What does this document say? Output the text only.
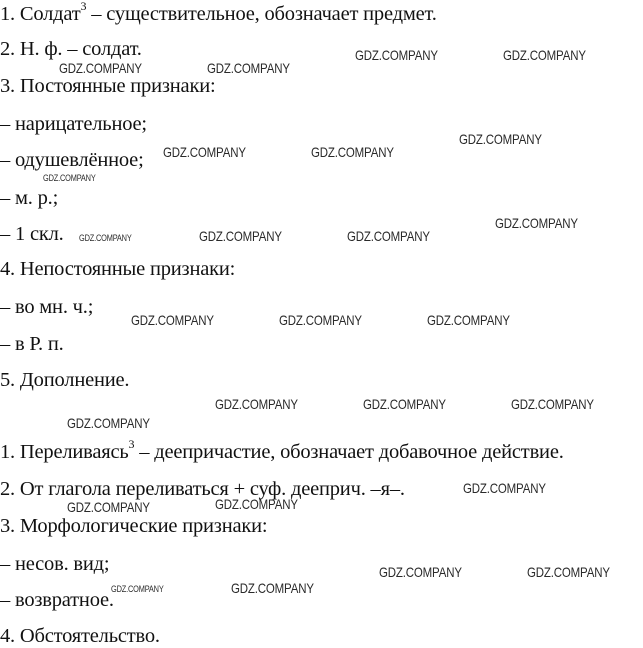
1. Солдат$^3$ – существительное, обозначает предмет.
2. Н. ф. – солдат.
3. Постоянные признаки:
– нарицательное;
– одушевлённое;
– м. р.;
– 1 скл.
4. Непостоянные признаки:
– во мн. ч.;
– в Р. п.
5. Дополнение.
1. Переливаясь$^3$ – деепричастие, обозначает добавочное действие.
2. От глагола переливаться + суф. дееприч. –я–.
3. Морфологические признаки:
– несов. вид;
– возвратное.
4. Обстоятельство.
GDZ.COMPANY	GDZ.COMPANY
GDZ.COMPANY	GDZ.COMPANY
GDZ.COMPANY
GDZ.COMPANY	GDZ.COMPANY
GDZ.COMPANY
GDZ.COMPANY
GDZ.COMPANY	GDZ.COMPANY	GDZ.COMPANY
GDZ.COMPANY	GDZ.COMPANY	GDZ.COMPANY
GDZ.COMPANY	GDZ.COMPANY	GDZ.COMPANY
GDZ.COMPANY
GDZ.COMPANY
GDZ.COMPANY	GDZ.COMPANY
GDZ.COMPANY	GDZ.COMPANY
GDZ.COMPANY
GDZ.COMPANY
